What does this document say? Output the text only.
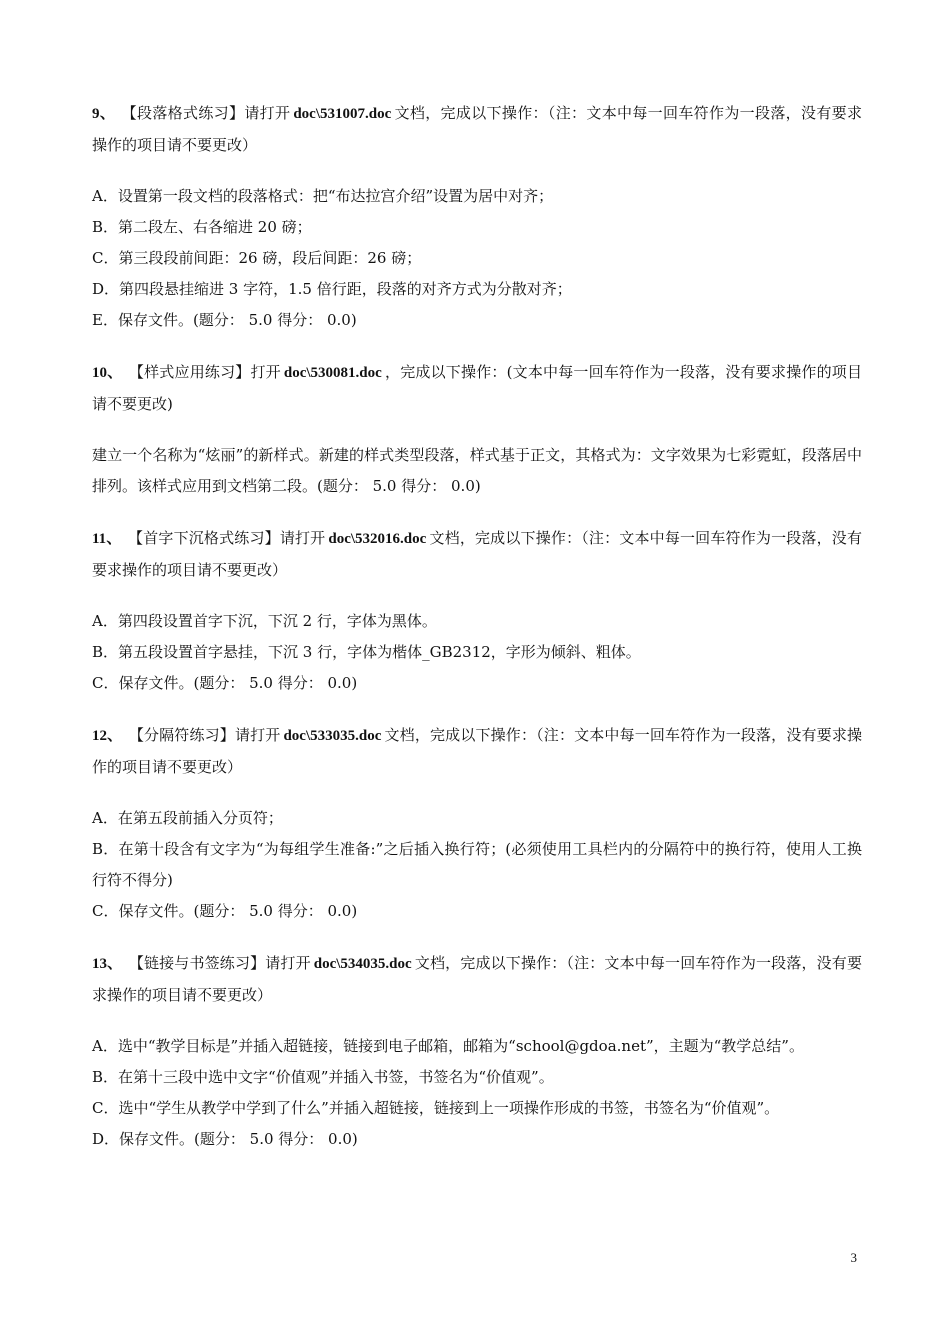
9、 【段落格式练习】请打开 doc\531007.doc 文档，完成以下操作：（注：文本中每一回车符作为一段落，没有要求操作的项目请不要更改）

A．设置第一段文档的段落格式：把“布达拉宫介绍”设置为居中对齐；

B．第二段左、右各缩进 20 磅；

C．第三段段前间距：26 磅，段后间距：26 磅；

D．第四段悬挂缩进 3 字符，1.5 倍行距，段落的对齐方式为分散对齐；

E．保存文件。(题分： 5.0 得分： 0.0)

10、 【样式应用练习】打开 doc\530081.doc ，完成以下操作：(文本中每一回车符作为一段落，没有要求操作的项目请不要更改)

建立一个名称为“炫丽”的新样式。新建的样式类型段落，样式基于正文，其格式为：文字效果为七彩霓虹，段落居中排列。该样式应用到文档第二段。(题分： 5.0 得分： 0.0)

11、 【首字下沉格式练习】请打开 doc\532016.doc 文档，完成以下操作：（注：文本中每一回车符作为一段落，没有要求操作的项目请不要更改）

A．第四段设置首字下沉，下沉 2 行，字体为黑体。

B．第五段设置首字悬挂，下沉 3 行，字体为楷体_GB2312，字形为倾斜、粗体。

C．保存文件。(题分： 5.0 得分： 0.0)

12、 【分隔符练习】请打开 doc\533035.doc 文档，完成以下操作：（注：文本中每一回车符作为一段落，没有要求操作的项目请不要更改）

A．在第五段前插入分页符；

B．在第十段含有文字为“为每组学生准备:”之后插入换行符；(必须使用工具栏内的分隔符中的换行符，使用人工换行符不得分)

C．保存文件。(题分： 5.0 得分： 0.0)

13、 【链接与书签练习】请打开 doc\534035.doc 文档，完成以下操作：（注：文本中每一回车符作为一段落，没有要求操作的项目请不要更改）

A．选中“教学目标是”并插入超链接，链接到电子邮箱，邮箱为“school@gdoa.net”，主题为“教学总结”。

B．在第十三段中选中文字“价值观”并插入书签，书签名为“价值观”。

C．选中“学生从教学中学到了什么”并插入超链接，链接到上一项操作形成的书签，书签名为“价值观”。

D．保存文件。(题分： 5.0 得分： 0.0)

3
